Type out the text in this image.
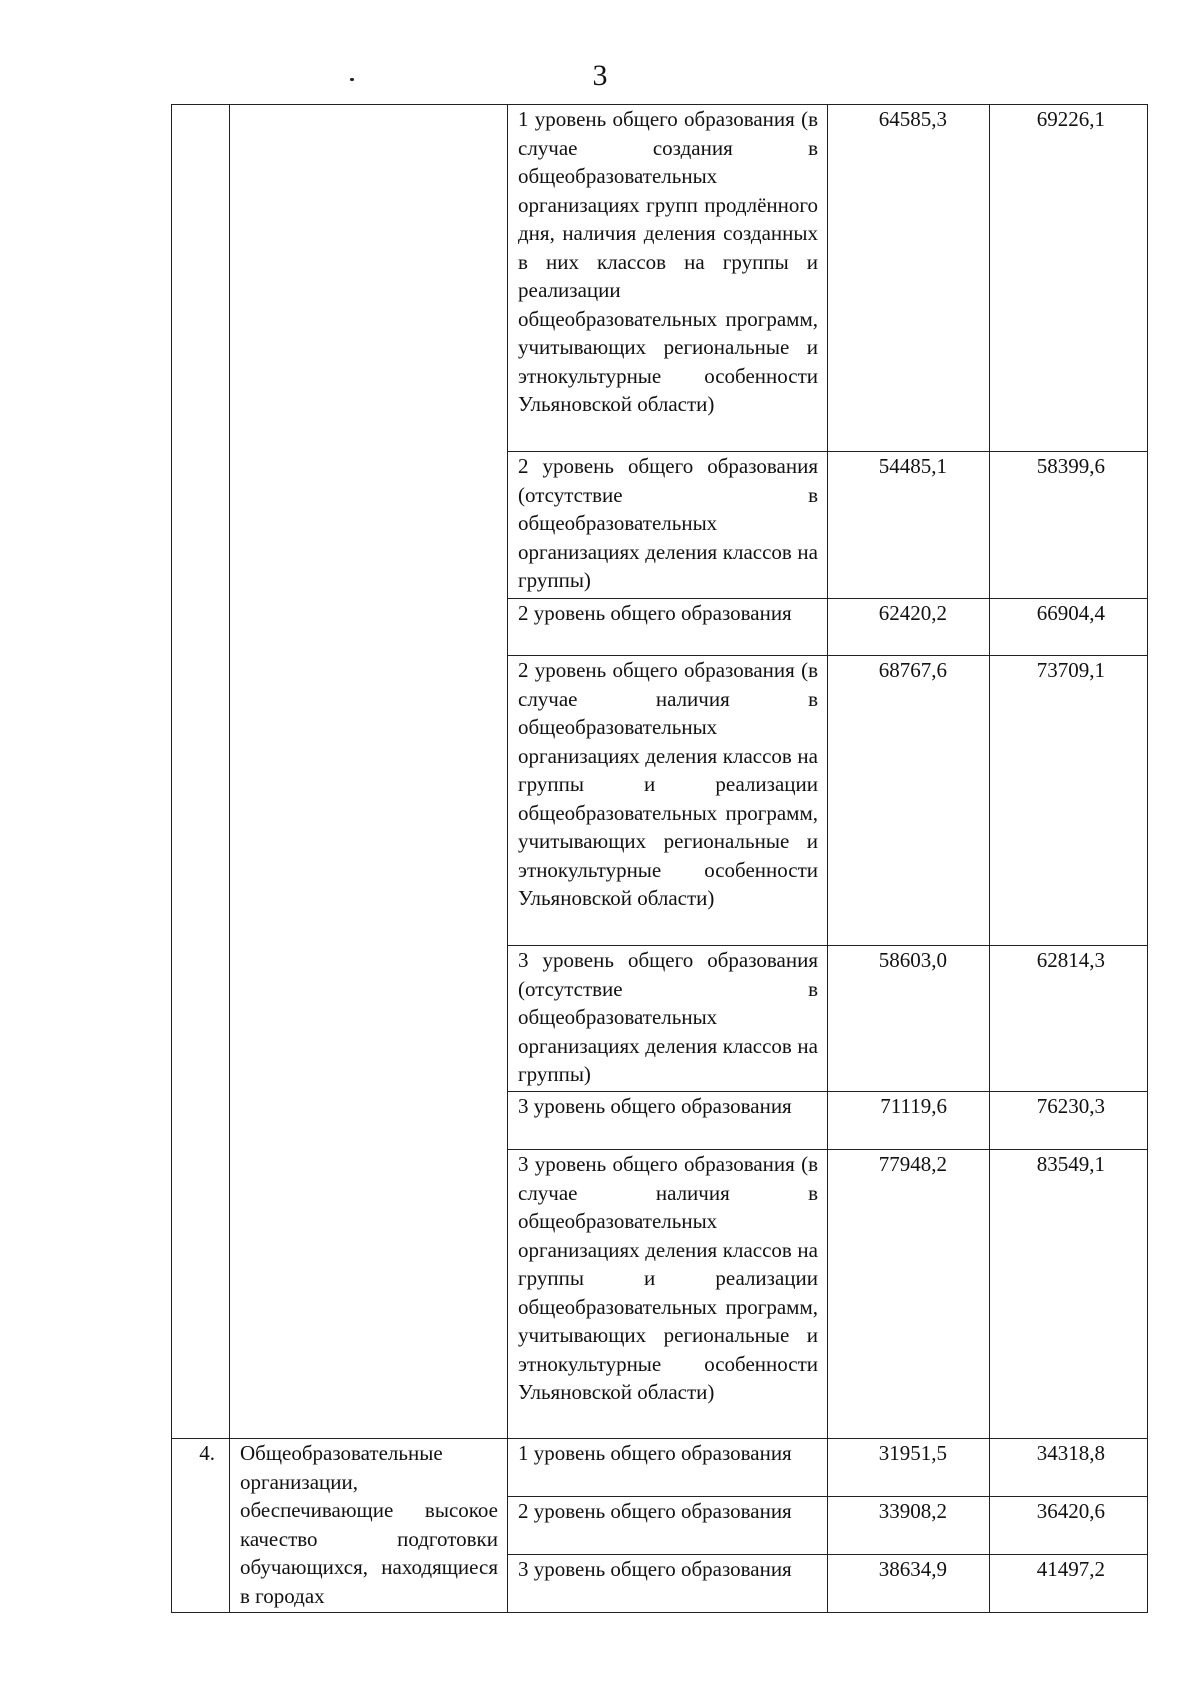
3
		1 уровень общего образования (в случае создания в общеобразовательных организациях групп продлённого дня, наличия деления созданных в них классов на группы и реализации общеобразовательных программ, учитывающих региональные и этнокультурные особенности Ульяновской области)	64585,3	69226,1
		2 уровень общего образования (отсутствие в общеобразовательных организациях деления классов на группы)	54485,1	58399,6
		2 уровень общего образования	62420,2	66904,4
		2 уровень общего образования (в случае наличия в общеобразовательных организациях деления классов на группы и реализации общеобразовательных программ, учитывающих региональные и этнокультурные особенности Ульяновской области)	68767,6	73709,1
		3 уровень общего образования (отсутствие в общеобразовательных организациях деления классов на группы)	58603,0	62814,3
		3 уровень общего образования	71119,6	76230,3
		3 уровень общего образования (в случае наличия в общеобразовательных организациях деления классов на группы и реализации общеобразовательных программ, учитывающих региональные и этнокультурные особенности Ульяновской области)	77948,2	83549,1
4.	Общеобразовательные организации, обеспечивающие высокое качество подготовки обучающихся, находящиеся в городах	1 уровень общего образования	31951,5	34318,8
		2 уровень общего образования	33908,2	36420,6
		3 уровень общего образования	38634,9	41497,2
